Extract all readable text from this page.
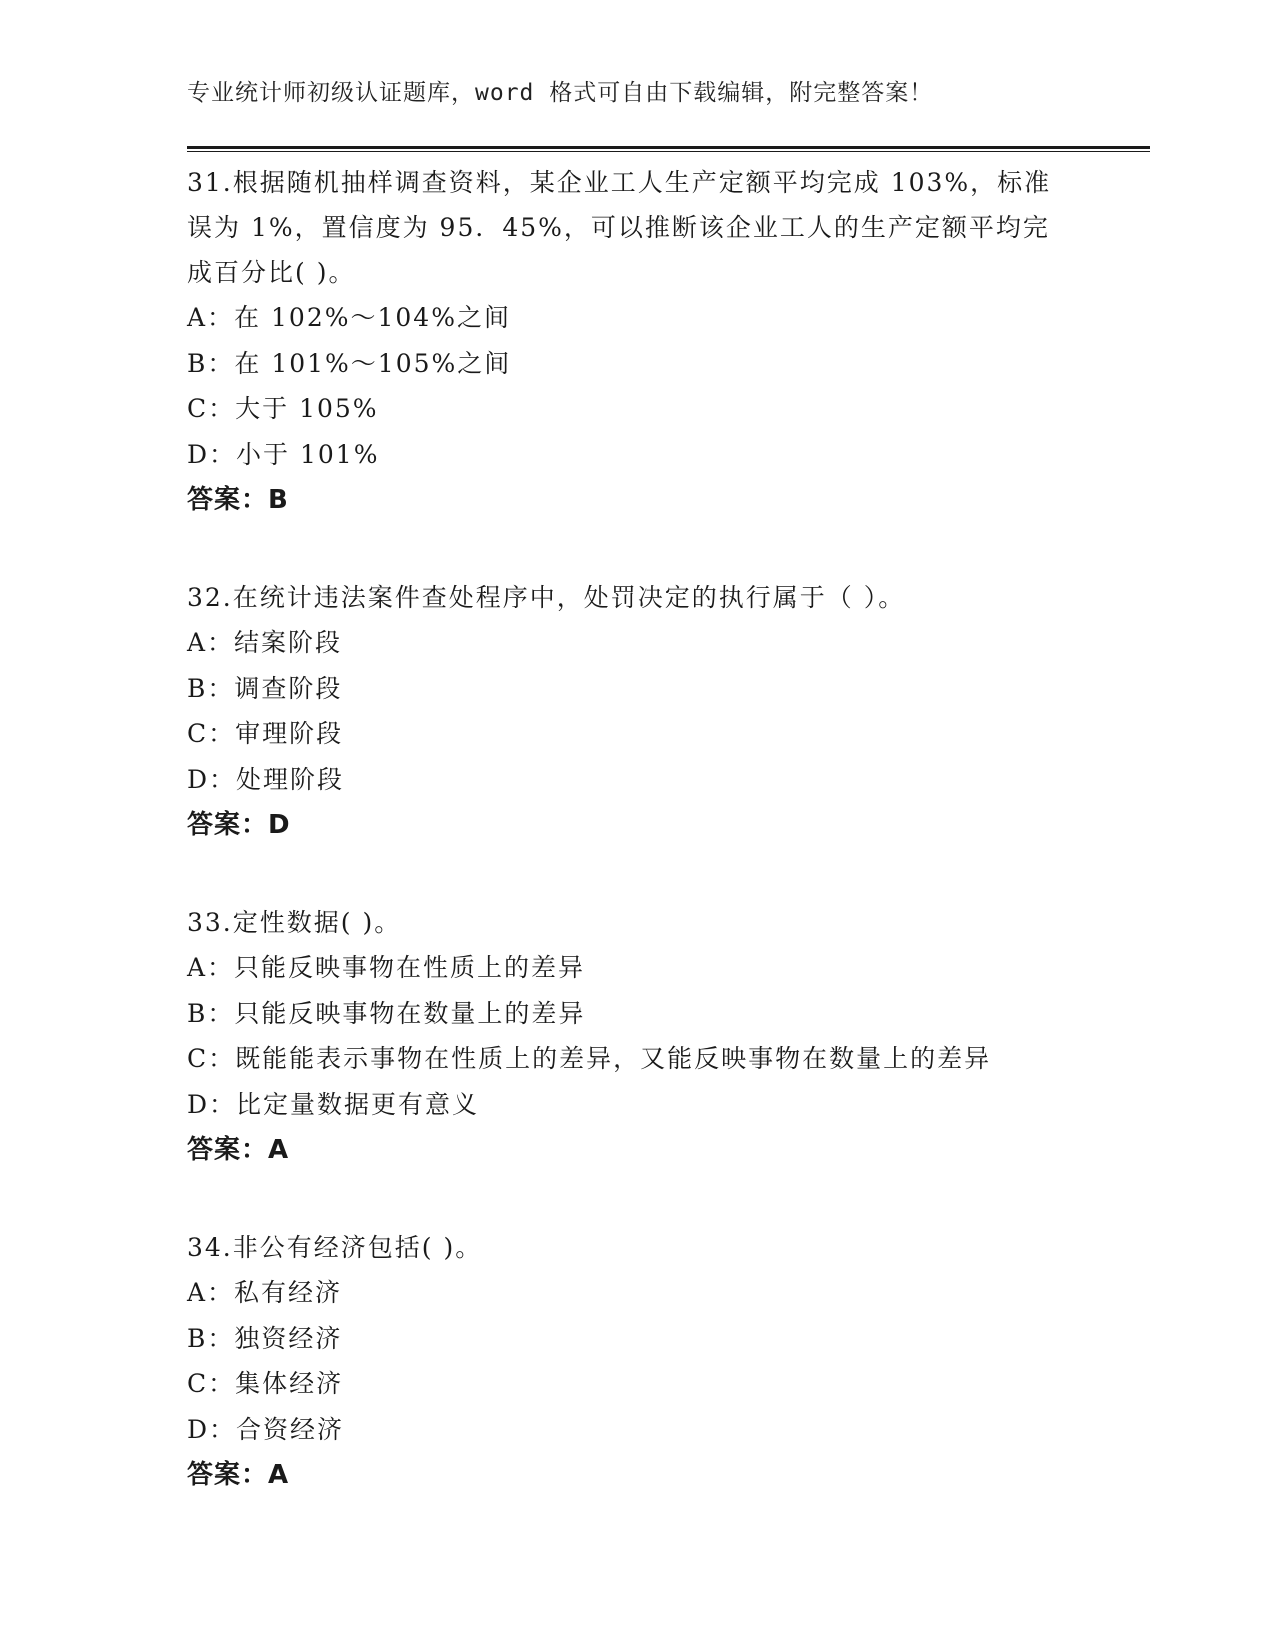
专业统计师初级认证题库，word 格式可自由下载编辑，附完整答案！
31.根据随机抽样调查资料，某企业工人生产定额平均完成 103%，标准
误为 1%，置信度为 95．45%，可以推断该企业工人的生产定额平均完
成百分比( )。
A：在 102%～104%之间
B：在 101%～105%之间
C：大于 105%
D：小于 101%
答案：B
32.在统计违法案件查处程序中，处罚决定的执行属于（ ）。
A：结案阶段
B：调查阶段
C：审理阶段
D：处理阶段
答案：D
33.定性数据( )。
A：只能反映事物在性质上的差异
B：只能反映事物在数量上的差异
C：既能能表示事物在性质上的差异，又能反映事物在数量上的差异
D：比定量数据更有意义
答案：A
34.非公有经济包括( )。
A：私有经济
B：独资经济
C：集体经济
D：合资经济
答案：A
